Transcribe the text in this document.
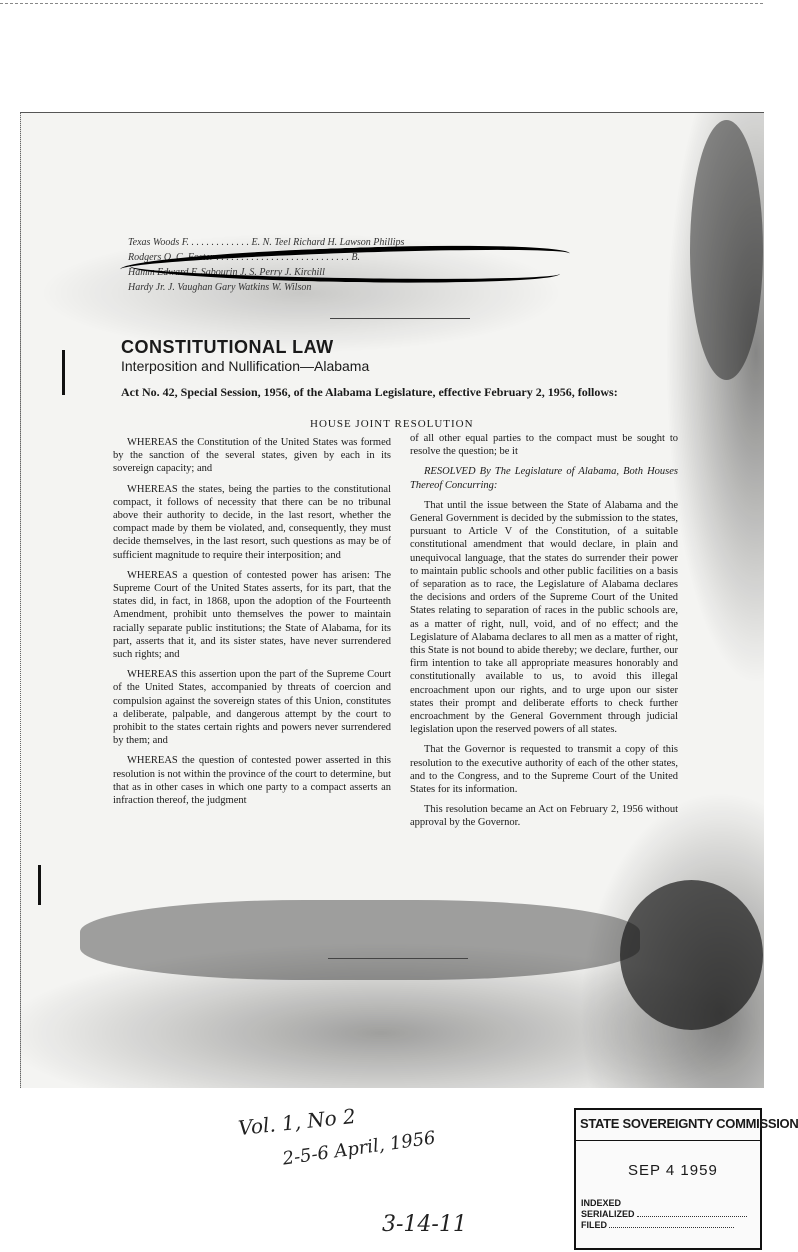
Texas Woods F. . . . . . . . . . . . . E. N. Teel Richard H. Lawson Phillips
Rodgers O. C. Foster . . . . . . . . . . . . . . . . . . . . . . . . . . . B.
Hamm Edward F. Sabourin J. S. Perry J. Kirchill
Hardy Jr. J. Vaughan Gary Watkins W. Wilson
CONSTITUTIONAL LAW
Interposition and Nullification—Alabama
Act No. 42, Special Session, 1956, of the Alabama Legislature, effective February 2, 1956, follows:
HOUSE JOINT RESOLUTION

WHEREAS the Constitution of the United States was formed by the sanction of the several states, given by each in its sovereign capacity; and

WHEREAS the states, being the parties to the constitutional compact, it follows of necessity that there can be no tribunal above their authority to decide, in the last resort, whether the compact made by them be violated, and, consequently, they must decide themselves, in the last resort, such questions as may be of sufficient magnitude to require their interposition; and

WHEREAS a question of contested power has arisen: The Supreme Court of the United States asserts, for its part, that the states did, in fact, in 1868, upon the adoption of the Fourteenth Amendment, prohibit unto themselves the power to maintain racially separate public institutions; the State of Alabama, for its part, asserts that it, and its sister states, have never surrendered such rights; and

WHEREAS this assertion upon the part of the Supreme Court of the United States, accompanied by threats of coercion and compulsion against the sovereign states of this Union, constitutes a deliberate, palpable, and dangerous attempt by the court to prohibit to the states certain rights and powers never surrendered by them; and

WHEREAS the question of contested power asserted in this resolution is not within the province of the court to determine, but that as in other cases in which one party to a compact asserts an infraction thereof, the judgment

of all other equal parties to the compact must be sought to resolve the question; be it

RESOLVED By The Legislature of Alabama, Both Houses Thereof Concurring:

That until the issue between the State of Alabama and the General Government is decided by the submission to the states, pursuant to Article V of the Constitution, of a suitable constitutional amendment that would declare, in plain and unequivocal language, that the states do surrender their power to maintain public schools and other public facilities on a basis of separation as to race, the Legislature of Alabama declares the decisions and orders of the Supreme Court of the United States relating to separation of races in the public schools are, as a matter of right, null, void, and of no effect; and the Legislature of Alabama declares to all men as a matter of right, this State is not bound to abide thereby; we declare, further, our firm intention to take all appropriate measures honorably and constitutionally available to us, to avoid this illegal encroachment upon our rights, and to urge upon our sister states their prompt and deliberate efforts to check further encroachment by the General Government through judicial legislation upon the reserved powers of all states.

That the Governor is requested to transmit a copy of this resolution to the executive authority of each of the other states, and to the Congress, and to the Supreme Court of the United States for its information.

This resolution became an Act on February 2, 1956 without approval by the Governor.

Vol. 1, No 2
2-5-6 April, 1956
3-14-11
STATE SOVEREIGNTY COMMISSION
SEP 4 1959
INDEXED
SERIALIZED
FILED
